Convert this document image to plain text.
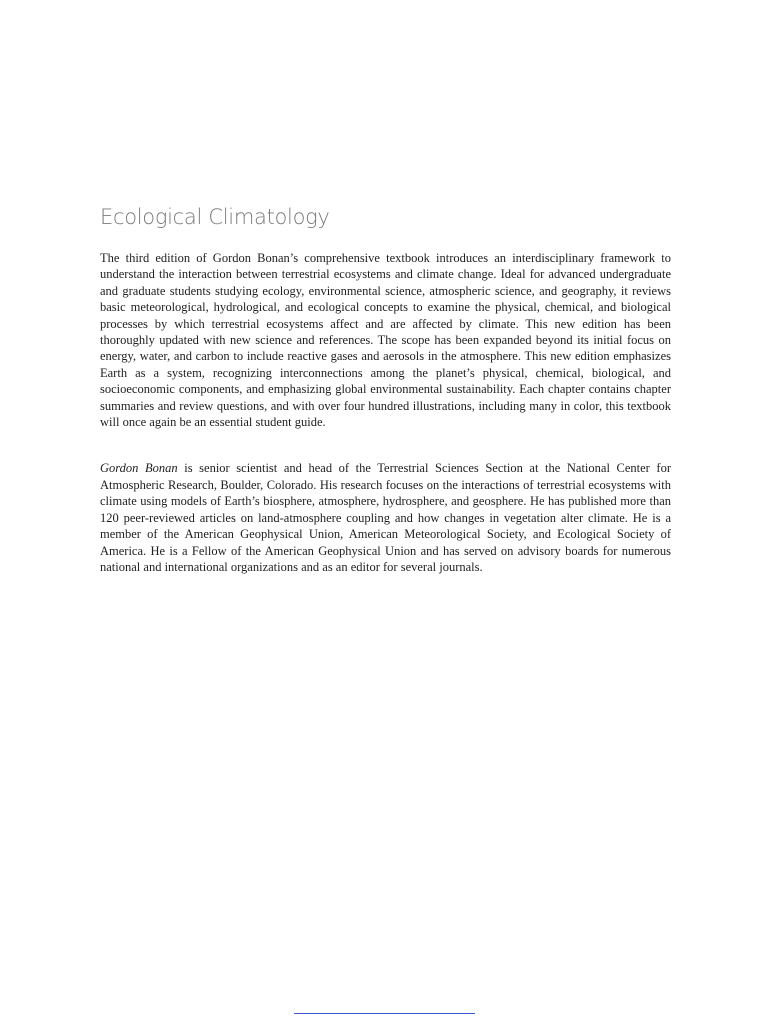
Ecological Climatology

The third edition of Gordon Bonan’s comprehensive textbook introduces an interdisciplinary framework to understand the interaction between terrestrial ecosystems and climate change. Ideal for advanced undergraduate and graduate students studying ecology, environmental science, atmospheric science, and geography, it reviews basic meteorological, hydrological, and ecological concepts to examine the physical, chemical, and biological processes by which terrestrial ecosystems affect and are affected by climate. This new edition has been thoroughly updated with new science and references. The scope has been expanded beyond its initial focus on energy, water, and carbon to include reactive gases and aerosols in the atmosphere. This new edition emphasizes Earth as a system, recognizing interconnections among the planet’s physical, chemical, biological, and socioeconomic components, and emphasizing global environmental sustainability. Each chapter contains chapter summaries and review questions, and with over four hundred illustrations, including many in color, this textbook will once again be an essential student guide.

Gordon Bonan is senior scientist and head of the Terrestrial Sciences Section at the National Center for Atmospheric Research, Boulder, Colorado. His research focuses on the interactions of terrestrial ecosystems with climate using models of Earth’s biosphere, atmosphere, hydrosphere, and geosphere. He has published more than 120 peer-reviewed articles on land-atmosphere coupling and how changes in vegetation alter climate. He is a member of the American Geophysical Union, American Meteorological Society, and Ecological Society of America. He is a Fellow of the American Geophysical Union and has served on advisory boards for numerous national and international organizations and as an editor for several journals.
